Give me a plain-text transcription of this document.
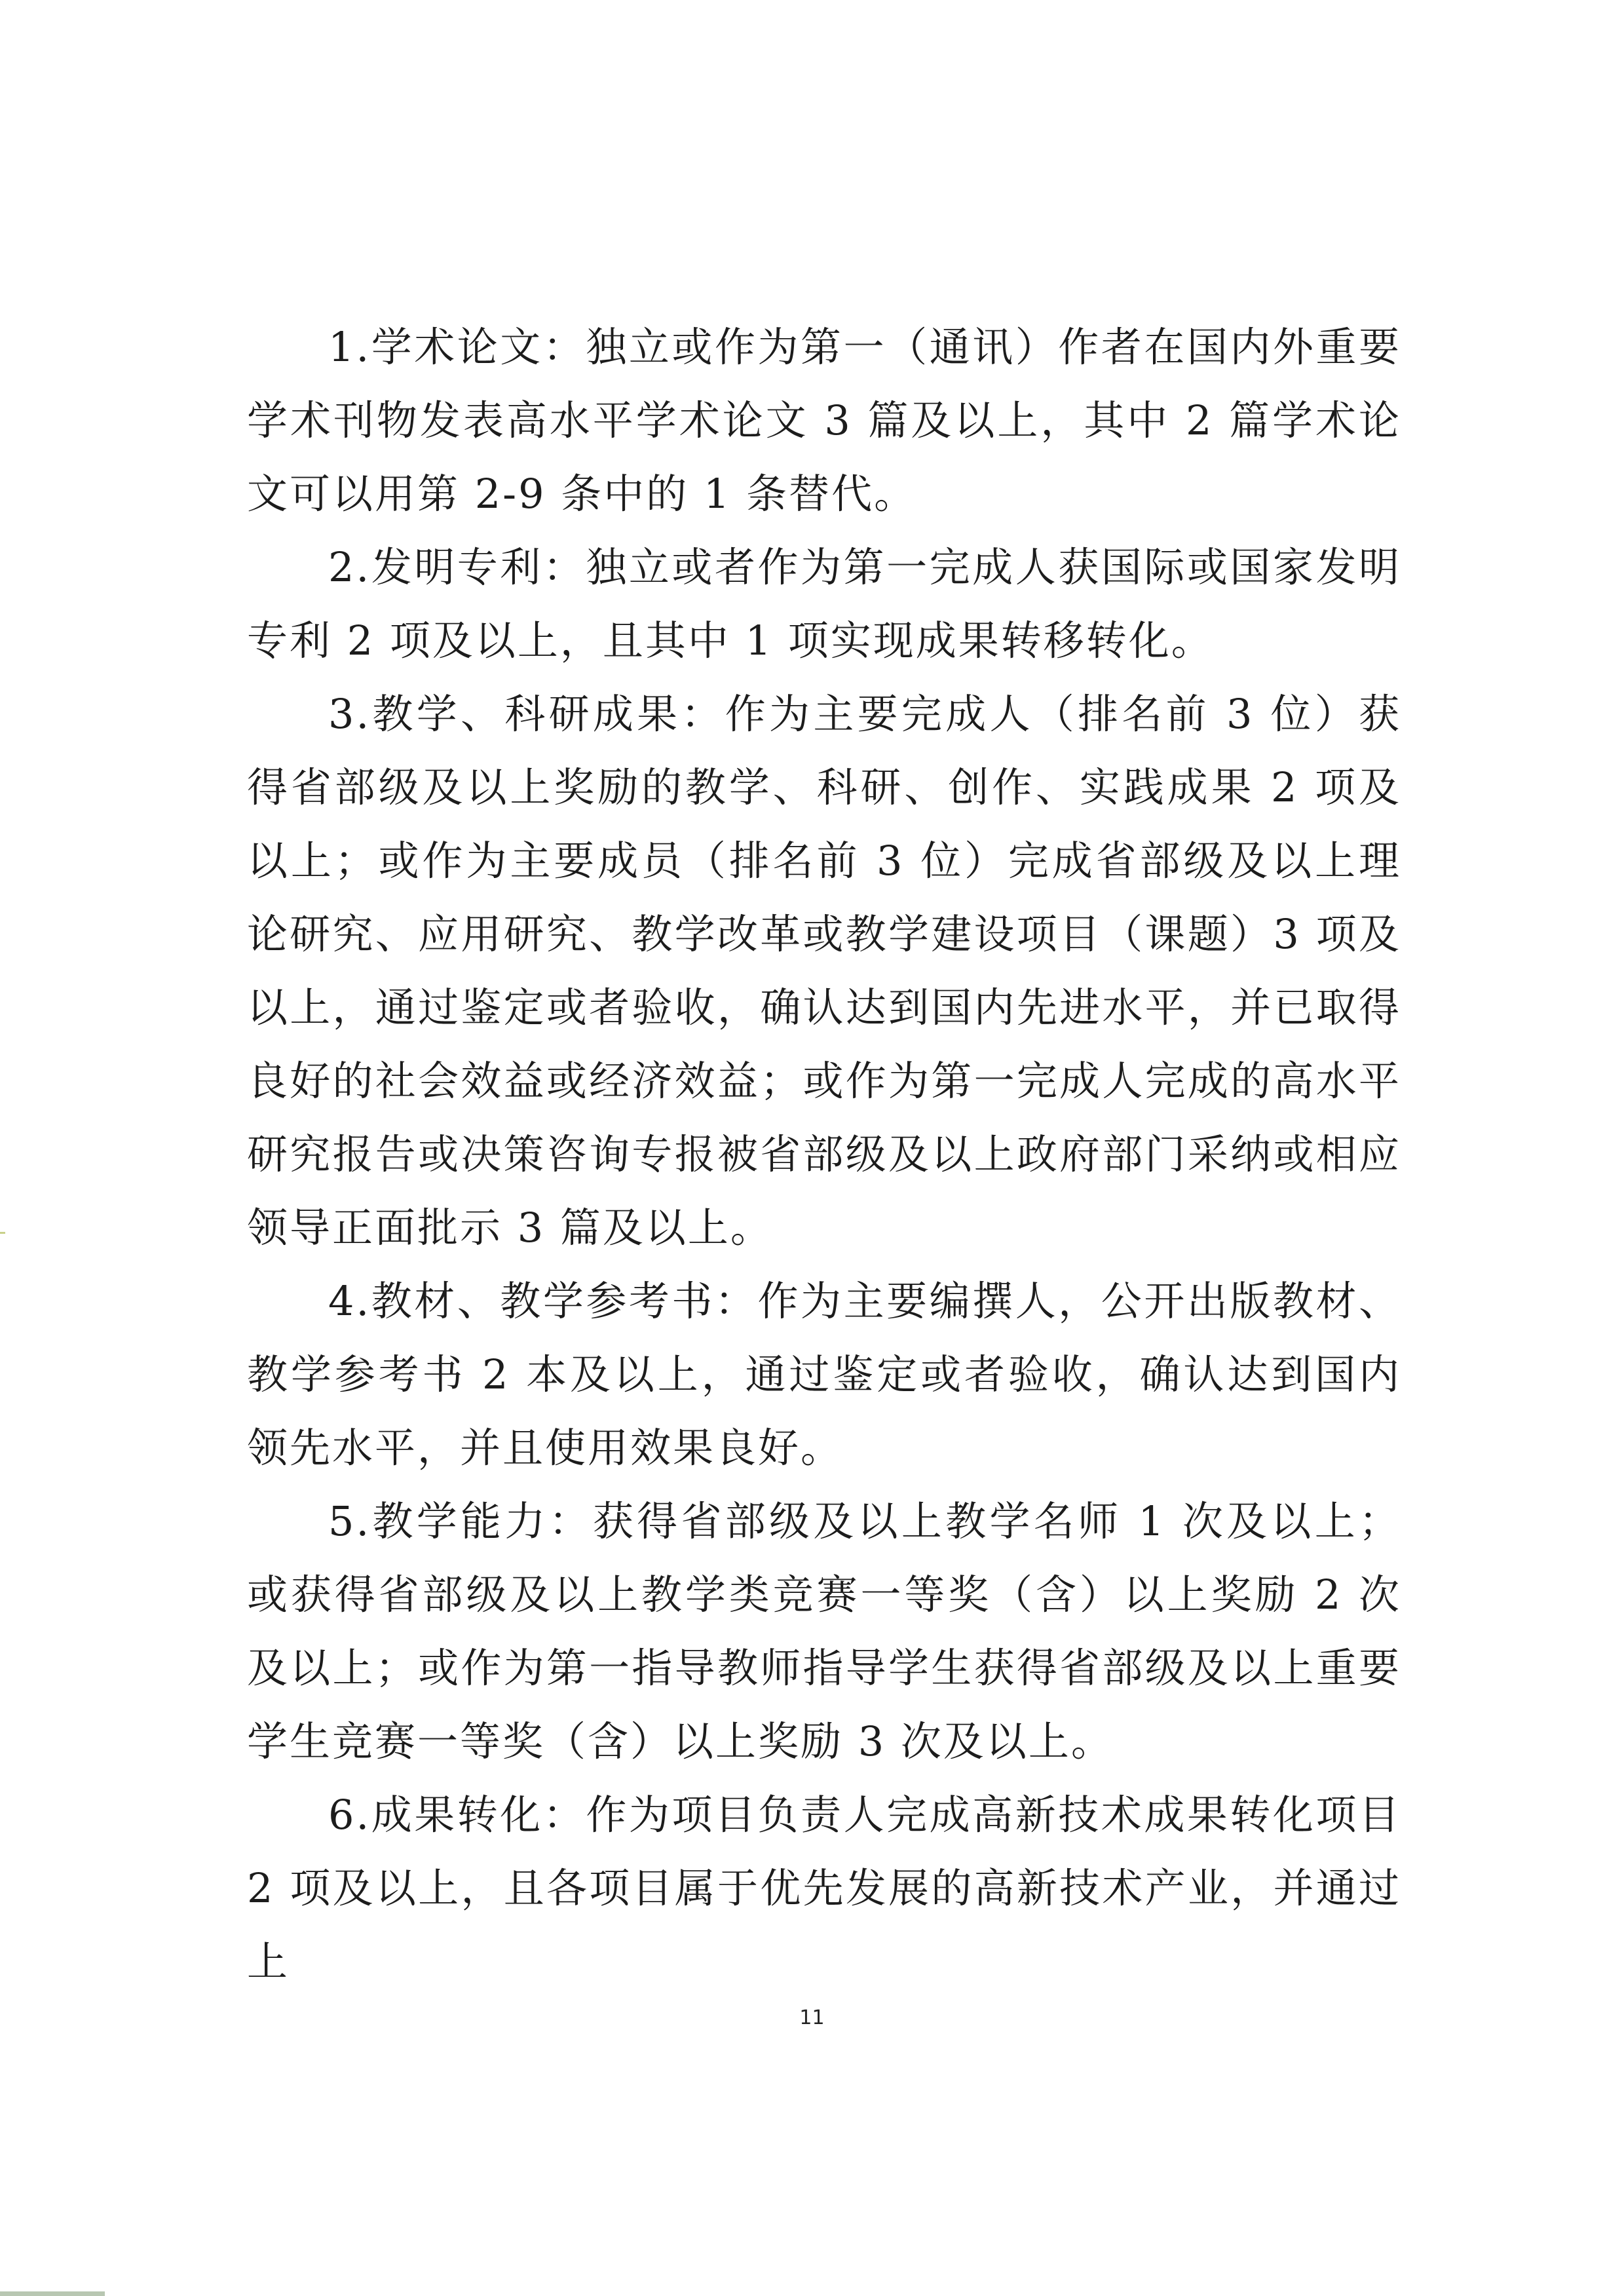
1.学术论文：独立或作为第一（通讯）作者在国内外重要学术刊物发表高水平学术论文 3 篇及以上，其中 2 篇学术论文可以用第 2-9 条中的 1 条替代。

2.发明专利：独立或者作为第一完成人获国际或国家发明专利 2 项及以上，且其中 1 项实现成果转移转化。

3.教学、科研成果：作为主要完成人（排名前 3 位）获得省部级及以上奖励的教学、科研、创作、实践成果 2 项及以上；或作为主要成员（排名前 3 位）完成省部级及以上理论研究、应用研究、教学改革或教学建设项目（课题）3 项及以上，通过鉴定或者验收，确认达到国内先进水平，并已取得良好的社会效益或经济效益；或作为第一完成人完成的高水平研究报告或决策咨询专报被省部级及以上政府部门采纳或相应领导正面批示 3 篇及以上。

4.教材、教学参考书：作为主要编撰人，公开出版教材、教学参考书 2 本及以上，通过鉴定或者验收，确认达到国内领先水平，并且使用效果良好。

5.教学能力：获得省部级及以上教学名师 1 次及以上；或获得省部级及以上教学类竞赛一等奖（含）以上奖励 2 次及以上；或作为第一指导教师指导学生获得省部级及以上重要学生竞赛一等奖（含）以上奖励 3 次及以上。

6.成果转化：作为项目负责人完成高新技术成果转化项目 2 项及以上，且各项目属于优先发展的高新技术产业，并通过上

11
